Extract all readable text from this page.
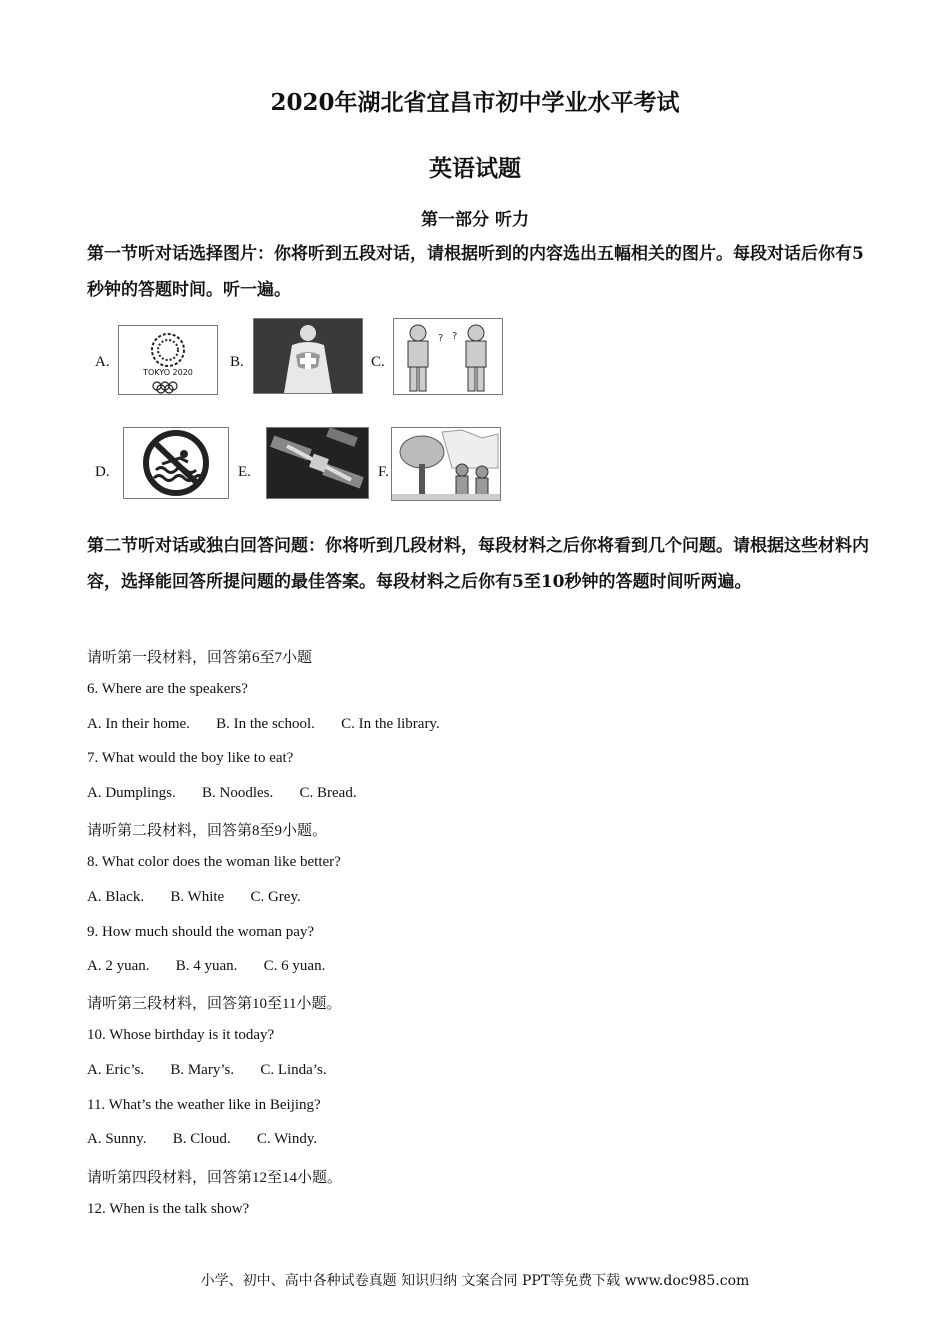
2020年湖北省宜昌市初中学业水平考试
英语试题
第一部分 听力
第一节听对话选择图片：你将听到五段对话，请根据听到的内容选出五幅相关的图片。每段对话后你有5秒钟的答题时间。听一遍。
A.
TOKYO 2020
B.	C.
? ?
D.	E.	F.
第二节听对话或独白回答问题：你将听到几段材料，每段材料之后你将看到几个问题。请根据这些材料内容，选择能回答所提问题的最佳答案。每段材料之后你有5至10秒钟的答题时间听两遍。
请听第一段材料，回答第6至7小题
6. Where are the speakers?
A. In their home.       B. In the school.       C. In the library.
7. What would the boy like to eat?
A. Dumplings.       B. Noodles.       C. Bread.
请听第二段材料，回答第8至9小题。
8. What color does the woman like better?
A. Black.       B. White       C. Grey.
9. How much should the woman pay?
A. 2 yuan.       B. 4 yuan.       C. 6 yuan.
请听第三段材料，回答第10至11小题。
10. Whose birthday is it today?
A. Eric’s.       B. Mary’s.       C. Linda’s.
11. What’s the weather like in Beijing?
A. Sunny.       B. Cloud.       C. Windy.
请听第四段材料，回答第12至14小题。
12. When is the talk show?
小学、初中、高中各种试卷真题 知识归纳 文案合同 PPT等免费下载 www.doc985.com
